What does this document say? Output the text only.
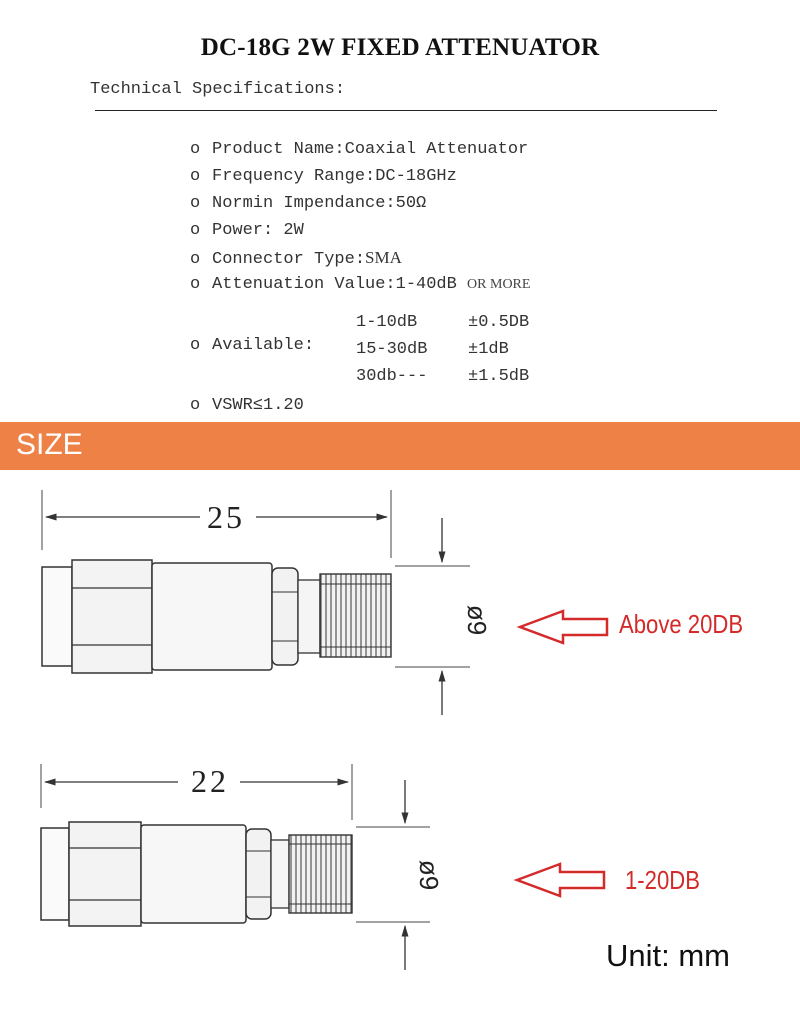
DC-18G 2W FIXED ATTENUATOR
Technical Specifications:
o Product Name:Coaxial Attenuator
o Frequency Range:DC-18GHz
o Normin Impendance:50Ω
o Power: 2W
o Connector Type:SMA
o Attenuation Value:1-40dB OR MORE
o Available:
1-10dB	±0.5DB
15-30dB ±1dB
30db--- ±1.5dB
o VSWR≤1.20
SIZE
25
ø9
22
ø9
Above 20DB
1-20DB
Unit: mm
